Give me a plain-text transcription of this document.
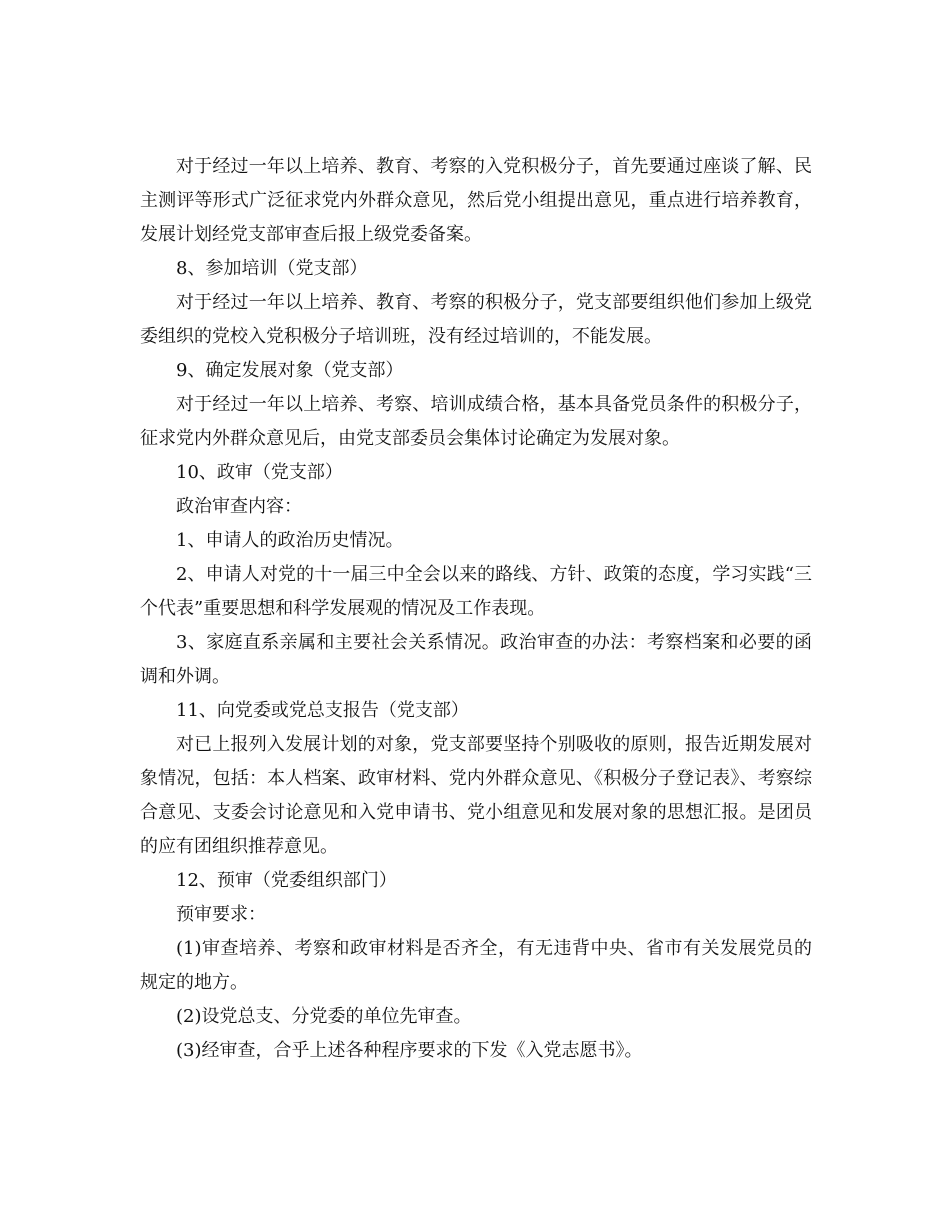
对于经过一年以上培养、教育、考察的入党积极分子，首先要通过座谈了解、民主测评等形式广泛征求党内外群众意见，然后党小组提出意见，重点进行培养教育，发展计划经党支部审查后报上级党委备案。

8、参加培训（党支部）

对于经过一年以上培养、教育、考察的积极分子，党支部要组织他们参加上级党委组织的党校入党积极分子培训班，没有经过培训的，不能发展。

9、确定发展对象（党支部）

对于经过一年以上培养、考察、培训成绩合格，基本具备党员条件的积极分子，征求党内外群众意见后，由党支部委员会集体讨论确定为发展对象。

10、政审（党支部）

政治审查内容：

1、申请人的政治历史情况。

2、申请人对党的十一届三中全会以来的路线、方针、政策的态度，学习实践“三个代表”重要思想和科学发展观的情况及工作表现。

3、家庭直系亲属和主要社会关系情况。政治审查的办法：考察档案和必要的函调和外调。

11、向党委或党总支报告（党支部）

对已上报列入发展计划的对象，党支部要坚持个别吸收的原则，报告近期发展对象情况，包括：本人档案、政审材料、党内外群众意见、《积极分子登记表》、考察综合意见、支委会讨论意见和入党申请书、党小组意见和发展对象的思想汇报。是团员的应有团组织推荐意见。

12、预审（党委组织部门）

预审要求：

(1)审查培养、考察和政审材料是否齐全，有无违背中央、省市有关发展党员的规定的地方。

(2)设党总支、分党委的单位先审查。

(3)经审查，合乎上述各种程序要求的下发《入党志愿书》。
